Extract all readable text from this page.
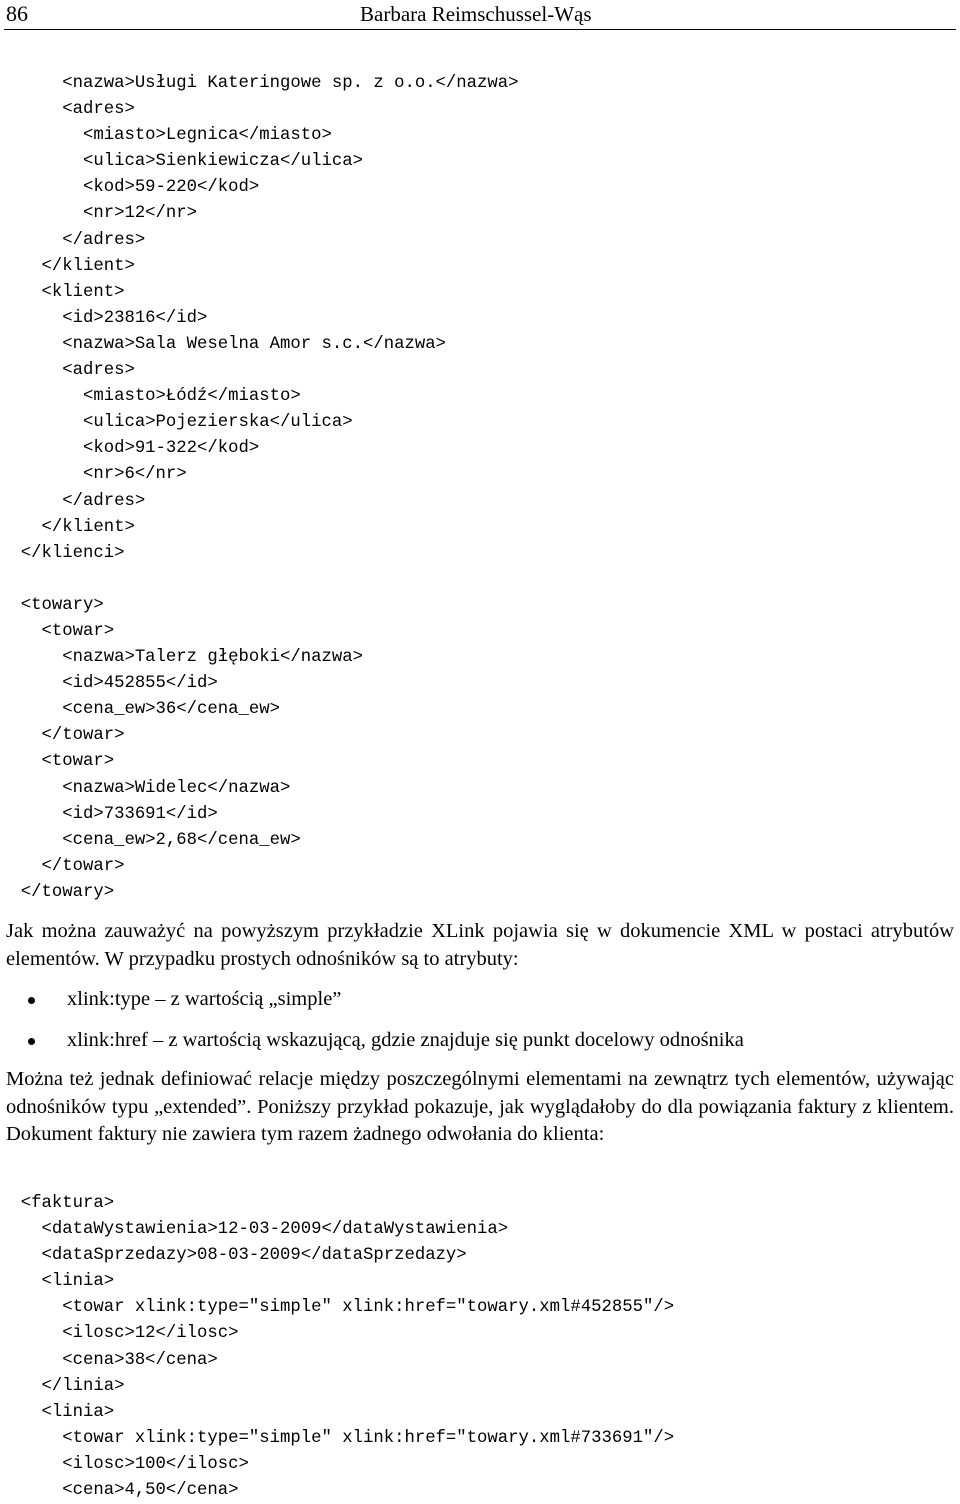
86	Barbara Reimschussel-Wąs
<nazwa>Usługi Kateringowe sp. z o.o.</nazwa>
<adres>
<miasto>Legnica</miasto>
<ulica>Sienkiewicza</ulica>
<kod>59-220</kod>
<nr>12</nr>
</adres>
</klient>
<klient>
<id>23816</id>
<nazwa>Sala Weselna Amor s.c.</nazwa>
<adres>
<miasto>Łódź</miasto>
<ulica>Pojezierska</ulica>
<kod>91-322</kod>
<nr>6</nr>
</adres>
</klient>
</klienci>
<towary>
<towar>
<nazwa>Talerz głęboki</nazwa>
<id>452855</id>
<cena_ew>36</cena_ew>
</towar>
<towar>
<nazwa>Widelec</nazwa>
<id>733691</id>
<cena_ew>2,68</cena_ew>
</towar>
</towary>

Jak można zauważyć na powyższym przykładzie XLink pojawia się w dokumencie XML w postaci atrybutów elementów. W przypadku prostych odnośników są to atrybuty:

xlink:type – z wartością „simple”
xlink:href – z wartością wskazującą, gdzie znajduje się punkt docelowy odnośnika

Można też jednak definiować relacje między poszczególnymi elementami na zewnątrz tych elementów, używając odnośników typu „extended”. Poniższy przykład pokazuje, jak wyglądałoby do dla powiązania faktury z klientem. Dokument faktury nie zawiera tym razem żadnego odwołania do klienta:

<faktura>
<dataWystawienia>12-03-2009</dataWystawienia>
<dataSprzedazy>08-03-2009</dataSprzedazy>
<linia>
<towar xlink:type="simple" xlink:href="towary.xml#452855"/>
<ilosc>12</ilosc>
<cena>38</cena>
</linia>
<linia>
<towar xlink:type="simple" xlink:href="towary.xml#733691"/>
<ilosc>100</ilosc>
<cena>4,50</cena>
